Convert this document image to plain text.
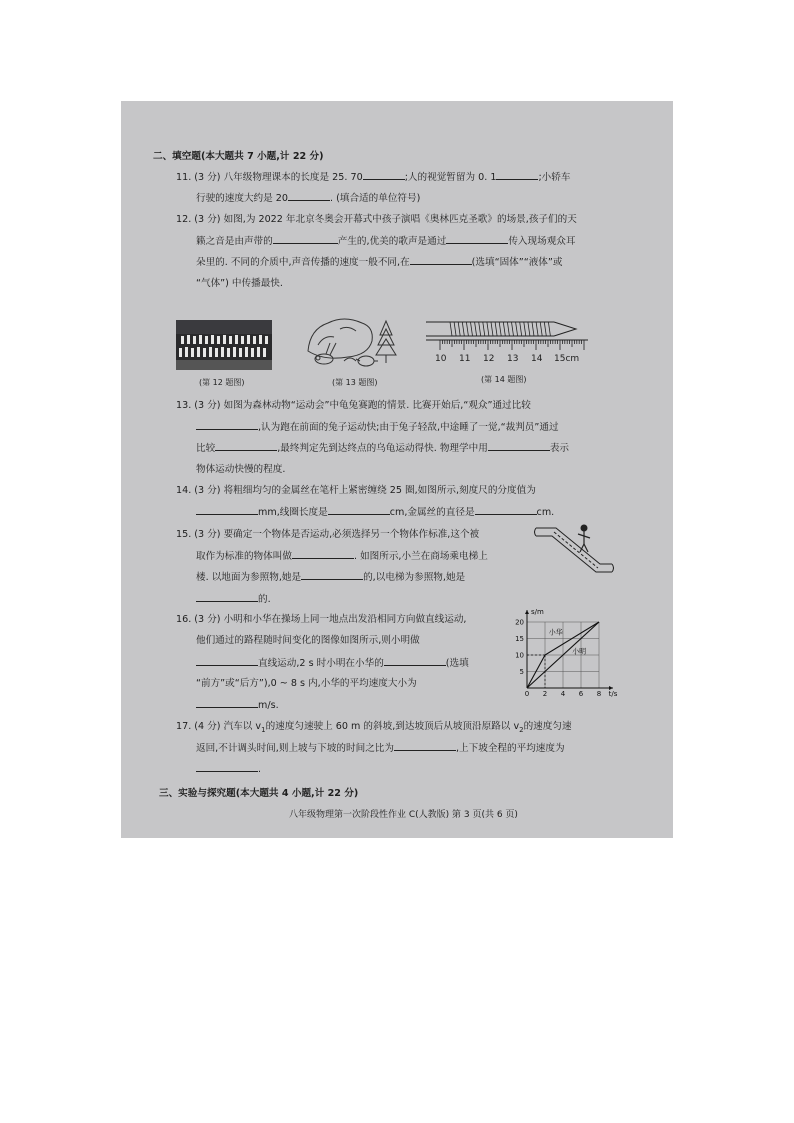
二、填空题(本大题共 7 小题,计 22 分)
11. (3 分) 八年级物理课本的长度是 25. 70	;人的视觉暂留为 0. 1	;小轿车
行驶的速度大约是 20	. (填合适的单位符号)
12. (3 分) 如图,为 2022 年北京冬奥会开幕式中孩子演唱《奥林匹克圣歌》的场景,孩子们的天
籁之音是由声带的	产生的,优美的歌声是通过	传入现场观众耳
朵里的. 不同的介质中,声音传播的速度一般不同,在	(选填“固体”“液体”或
“气体”) 中传播最快.
(第 12 题图)	(第 13 题图)
10 11 12 13 14 15cm
(第 14 题图)
13. (3 分) 如图为森林动物“运动会”中龟兔赛跑的情景. 比赛开始后,“观众”通过比较
,认为跑在前面的兔子运动快;由于兔子轻敌,中途睡了一觉,“裁判员”通过
比较	,最终判定先到达终点的乌龟运动得快. 物理学中用	表示
物体运动快慢的程度.
14. (3 分) 将粗细均匀的金属丝在笔杆上紧密缠绕 25 圈,如图所示,刻度尺的分度值为
mm,线圈长度是	cm,金属丝的直径是	cm.
15. (3 分) 要确定一个物体是否运动,必须选择另一个物体作标准,这个被
取作为标准的物体叫做	. 如图所示,小兰在商场乘电梯上
楼. 以地面为参照物,她是	的,以电梯为参照物,她是
的.
16. (3 分) 小明和小华在操场上同一地点出发沿相同方向做直线运动,
他们通过的路程随时间变化的图像如图所示,则小明做
直线运动,2 s 时小明在小华的	(选填
“前方”或“后方”),0 ~ 8 s 内,小华的平均速度大小为
m/s.
0 2 4 6 8
5
10
15
20
t/s
s/m
小华
小明
17. (4 分) 汽车以 $v_1$的速度匀速驶上 60 m 的斜坡,到达坡顶后从坡顶沿原路以 $v_2$的速度匀速
返回,不计调头时间,则上坡与下坡的时间之比为	,上下坡全程的平均速度为
.
三、实验与探究题(本大题共 4 小题,计 22 分)
八年级物理第一次阶段性作业 C(人教版) 第 3 页(共 6 页)
